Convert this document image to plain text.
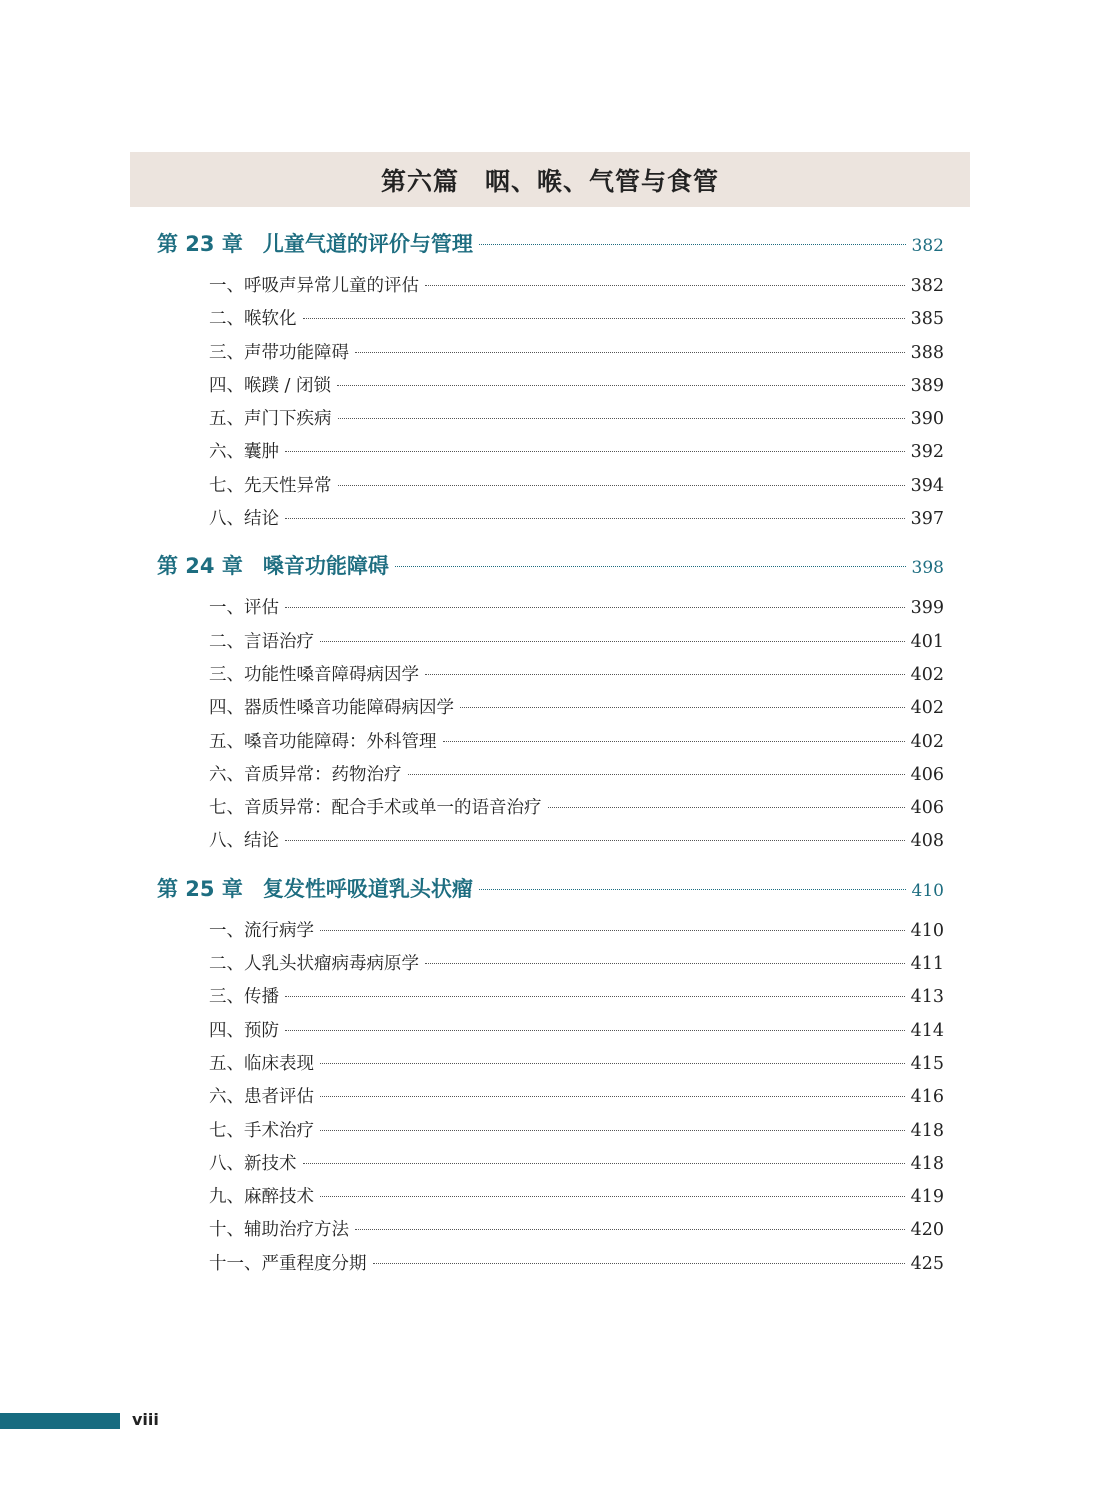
第六篇　咽、喉、气管与食管
第 23 章 儿童气道的评价与管理	382
一、呼吸声异常儿童的评估	382
二、喉软化	385
三、声带功能障碍	388
四、喉蹼 / 闭锁	389
五、声门下疾病	390
六、囊肿	392
七、先天性异常	394
八、结论	397
第 24 章 嗓音功能障碍	398
一、评估	399
二、言语治疗	401
三、功能性嗓音障碍病因学	402
四、器质性嗓音功能障碍病因学	402
五、嗓音功能障碍：外科管理	402
六、音质异常：药物治疗	406
七、音质异常：配合手术或单一的语音治疗	406
八、结论	408
第 25 章 复发性呼吸道乳头状瘤	410
一、流行病学	410
二、人乳头状瘤病毒病原学	411
三、传播	413
四、预防	414
五、临床表现	415
六、患者评估	416
七、手术治疗	418
八、新技术	418
九、麻醉技术	419
十、辅助治疗方法	420
十一、严重程度分期	425
viii
